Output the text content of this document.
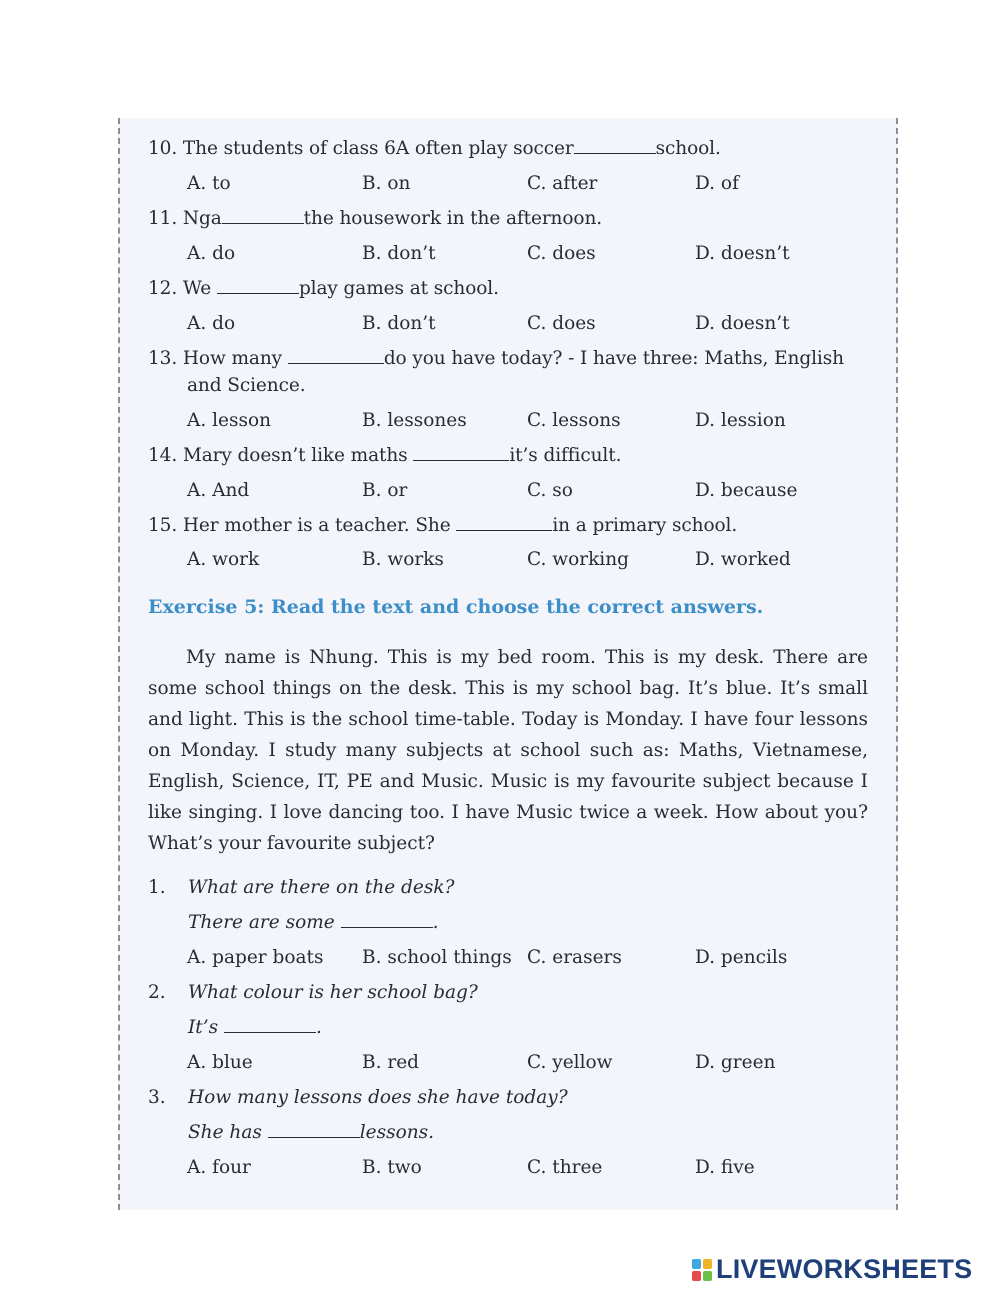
10. The students of class 6A often play soccer	school.
A. to	B. on	C. after	D. of
11. Nga	the housework in the afternoon.
A. do	B. don’t	C. does	D. doesn’t
12. We	play games at school.
A. do	B. don’t	C. does	D. doesn’t
13. How many	do you have today? - I have three: Maths, English
and Science.
A. lesson	B. lessones	C. lessons	D. lession
14. Mary doesn’t like maths	it’s difficult.
A. And	B. or	C. so	D. because
15. Her mother is a teacher. She	in a primary school.
A. work	B. works	C. working	D. worked
Exercise 5: Read the text and choose the correct answers.
My name is Nhung. This is my bed room. This is my desk. There are some school things on the desk. This is my school bag. It’s blue. It’s small and light. This is the school time-table. Today is Monday. I have four lessons on Monday. I study many subjects at school such as: Maths, Vietnamese, English, Science, IT, PE and Music. Music is my favourite subject because I like singing. I love dancing too. I have Music twice a week. How about you? What’s your favourite subject?
1. What are there on the desk?
There are some	.
A. paper boats B. school things C. erasers	D. pencils
2. What colour is her school bag?
It’s	.
A. blue	B. red	C. yellow	D. green
3. How many lessons does she have today?
She has	lessons.
A. four	B. two	C. three	D. five
LIVEWORKSHEETS
